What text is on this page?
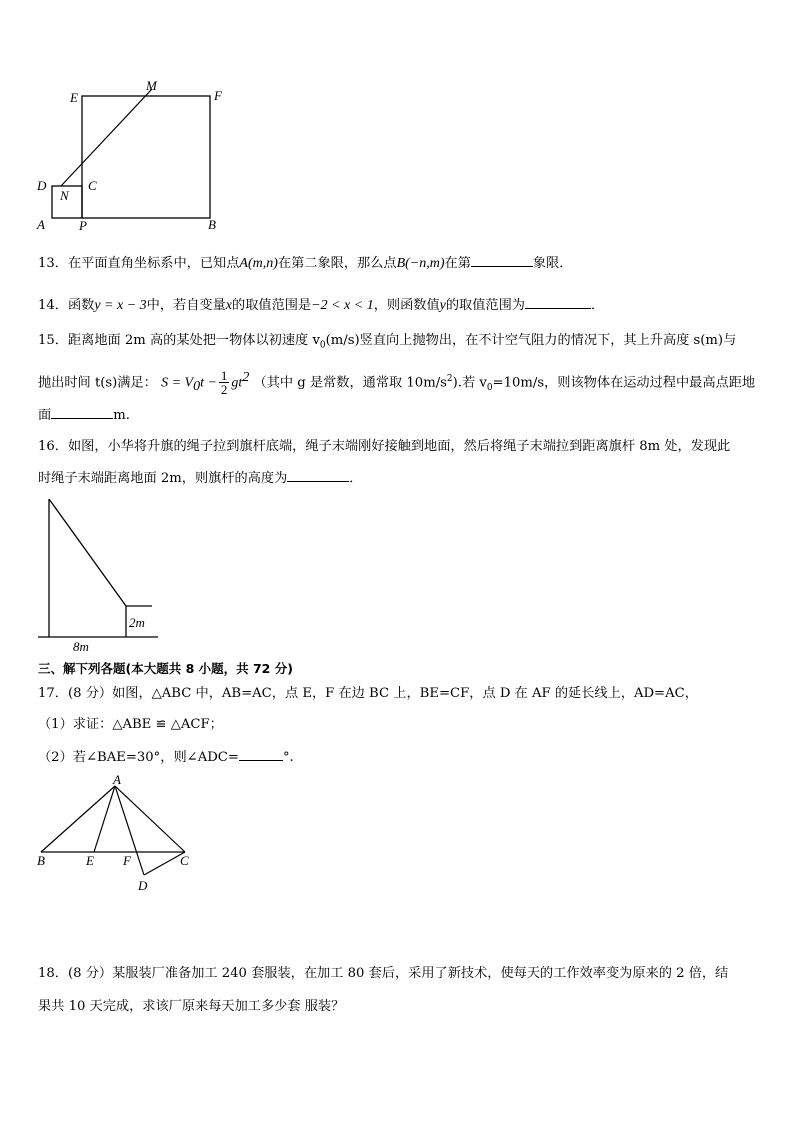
M
E	F
D
N
C
A	P	B
13．在平面直角坐标系中，已知点A(m,n)在第二象限，那么点B(−n,m)在第	象限．
14．函数y = x − 3中，若自变量x的取值范围是−2 < x < 1，则函数值y的取值范围为	．
15．距离地面 2m 高的某处把一物体以初速度 $v_0(m/s)$竖直向上抛物出，在不计空气阻力的情况下，其上升高度 s(m)与
抛出时间 t(s)满足： $S = V_0t - \frac{1}{2} gt^2$ （其中 g 是常数，通常取 $10m/s^2$).若 $v_0=10m/s$，则该物体在运动过程中最高点距地
面	m.
16．如图，小华将升旗的绳子拉到旗杆底端，绳子末端刚好接触到地面，然后将绳子末端拉到距离旗杆 8m 处，发现此
时绳子末端距离地面 2m，则旗杆的高度为	．
2m
8m
三、解下列各题(本大题共 8 小题，共 72 分)
17．(8 分）如图，△ABC 中，AB=AC，点 E，F 在边 BC 上，BE=CF，点 D 在 AF 的延长线上，AD=AC，
（1）求证：△ABE ≌ △ACF；
（2）若∠BAE=30°，则∠ADC=	°.
A
B	E F	C
D
18．(8 分）某服装厂准备加工 240 套服装，在加工 80 套后，采用了新技术，使每天的工作效率变为原来的 2 倍，结
果共 10 天完成，求该厂原来每天加工多少套 服装？
